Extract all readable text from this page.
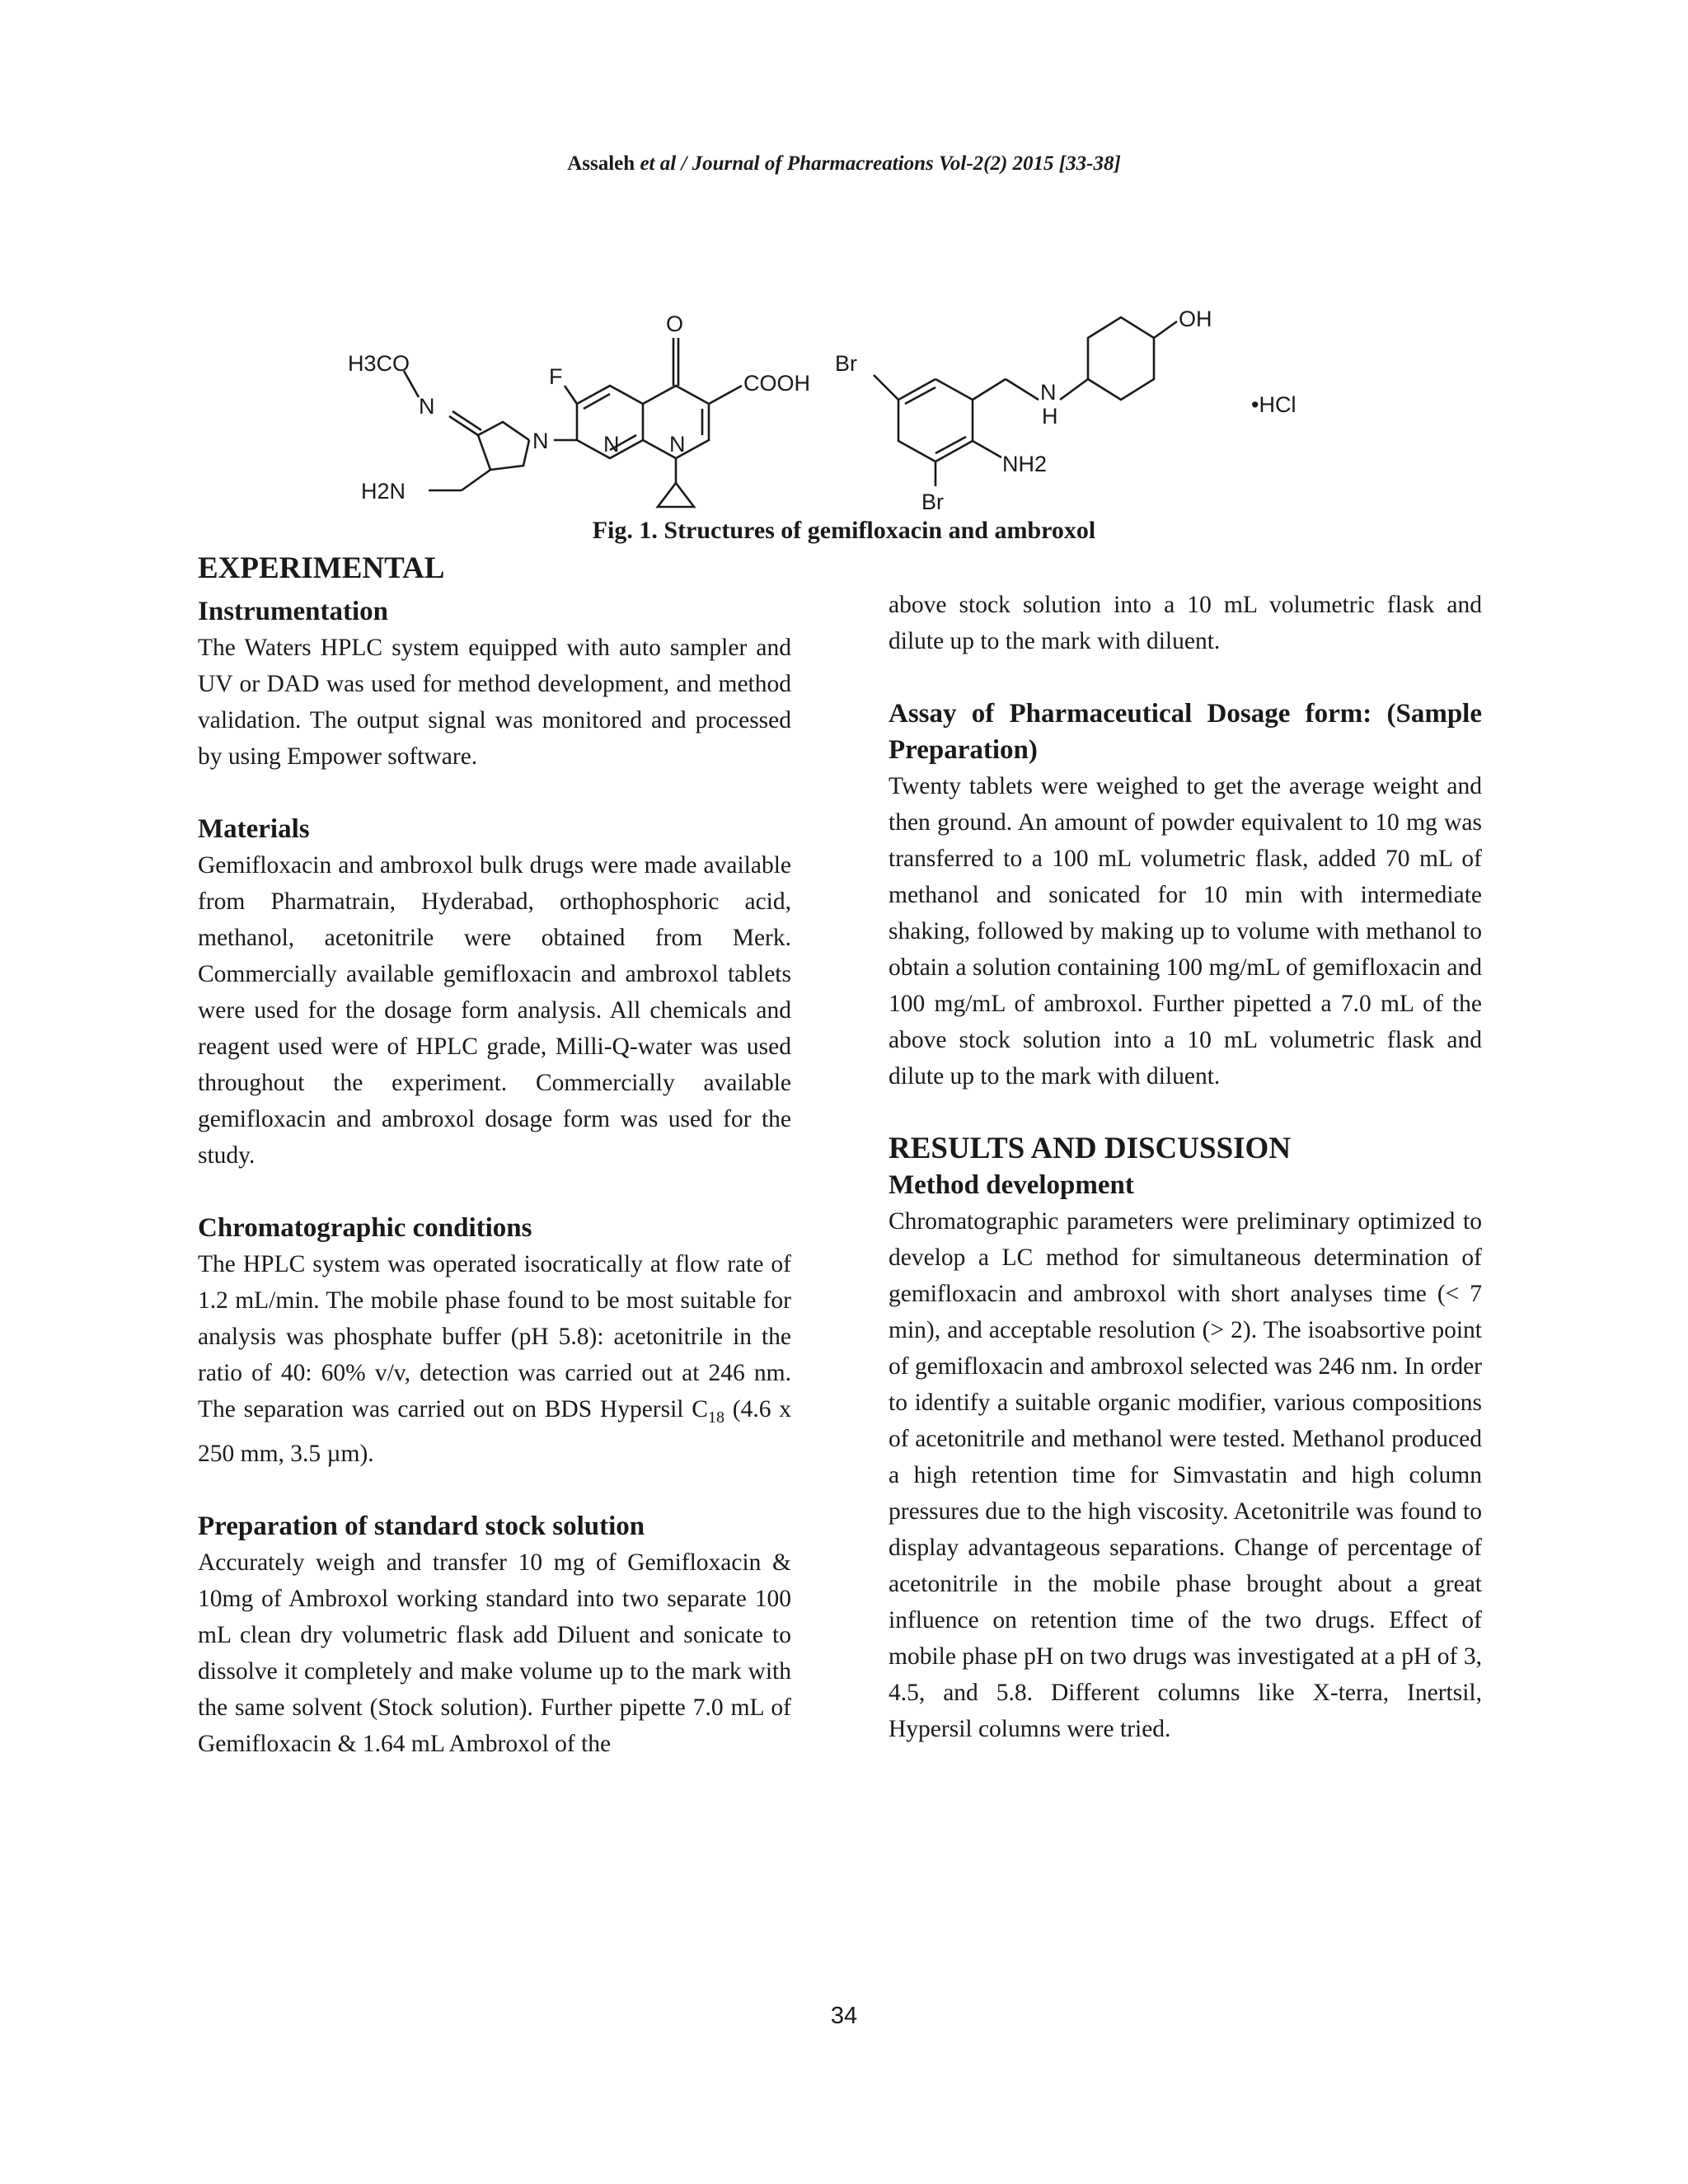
Assaleh et al / Journal of Pharmacreations Vol-2(2) 2015 [33-38]
O
F	COOH
H3CO
N
N N N
H2N
Br
Br
NH2
N
H
OH
•HCl
Fig. 1. Structures of gemifloxacin and ambroxol
EXPERIMENTAL
Instrumentation

The Waters HPLC system equipped with auto sampler and UV or DAD was used for method development, and method validation. The output signal was monitored and processed by using Empower software.

Materials

Gemifloxacin and ambroxol bulk drugs were made available from Pharmatrain, Hyderabad, orthophosphoric acid, methanol, acetonitrile were obtained from Merk. Commercially available gemifloxacin and ambroxol tablets were used for the dosage form analysis. All chemicals and reagent used were of HPLC grade, Milli-Q-water was used throughout the experiment. Commercially available gemifloxacin and ambroxol dosage form was used for the study.

Chromatographic conditions

The HPLC system was operated isocratically at flow rate of 1.2 mL/min. The mobile phase found to be most suitable for analysis was phosphate buffer (pH 5.8): acetonitrile in the ratio of 40: 60% v/v, detection was carried out at 246 nm. The separation was carried out on BDS Hypersil $C_{18}$ (4.6 x 250 mm, 3.5 µm).

Preparation of standard stock solution

Accurately weigh and transfer 10 mg of Gemifloxacin & 10mg of Ambroxol working standard into two separate 100 mL clean dry volumetric flask add Diluent and sonicate to dissolve it completely and make volume up to the mark with the same solvent (Stock solution). Further pipette 7.0 mL of Gemifloxacin & 1.64 mL Ambroxol of the

above stock solution into a 10 mL volumetric flask and dilute up to the mark with diluent.

Assay of Pharmaceutical Dosage form: (Sample Preparation)

Twenty tablets were weighed to get the average weight and then ground. An amount of powder equivalent to 10 mg was transferred to a 100 mL volumetric flask, added 70 mL of methanol and sonicated for 10 min with intermediate shaking, followed by making up to volume with methanol to obtain a solution containing 100 mg/mL of gemifloxacin and 100 mg/mL of ambroxol. Further pipetted a 7.0 mL of the above stock solution into a 10 mL volumetric flask and dilute up to the mark with diluent.

RESULTS AND DISCUSSION
Method development

Chromatographic parameters were preliminary optimized to develop a LC method for simultaneous determination of gemifloxacin and ambroxol with short analyses time (< 7 min), and acceptable resolution (> 2). The isoabsortive point of gemifloxacin and ambroxol selected was 246 nm. In order to identify a suitable organic modifier, various compositions of acetonitrile and methanol were tested. Methanol produced a high retention time for Simvastatin and high column pressures due to the high viscosity. Acetonitrile was found to display advantageous separations. Change of percentage of acetonitrile in the mobile phase brought about a great influence on retention time of the two drugs. Effect of mobile phase pH on two drugs was investigated at a pH of 3, 4.5, and 5.8. Different columns like X-terra, Inertsil, Hypersil columns were tried.

34
